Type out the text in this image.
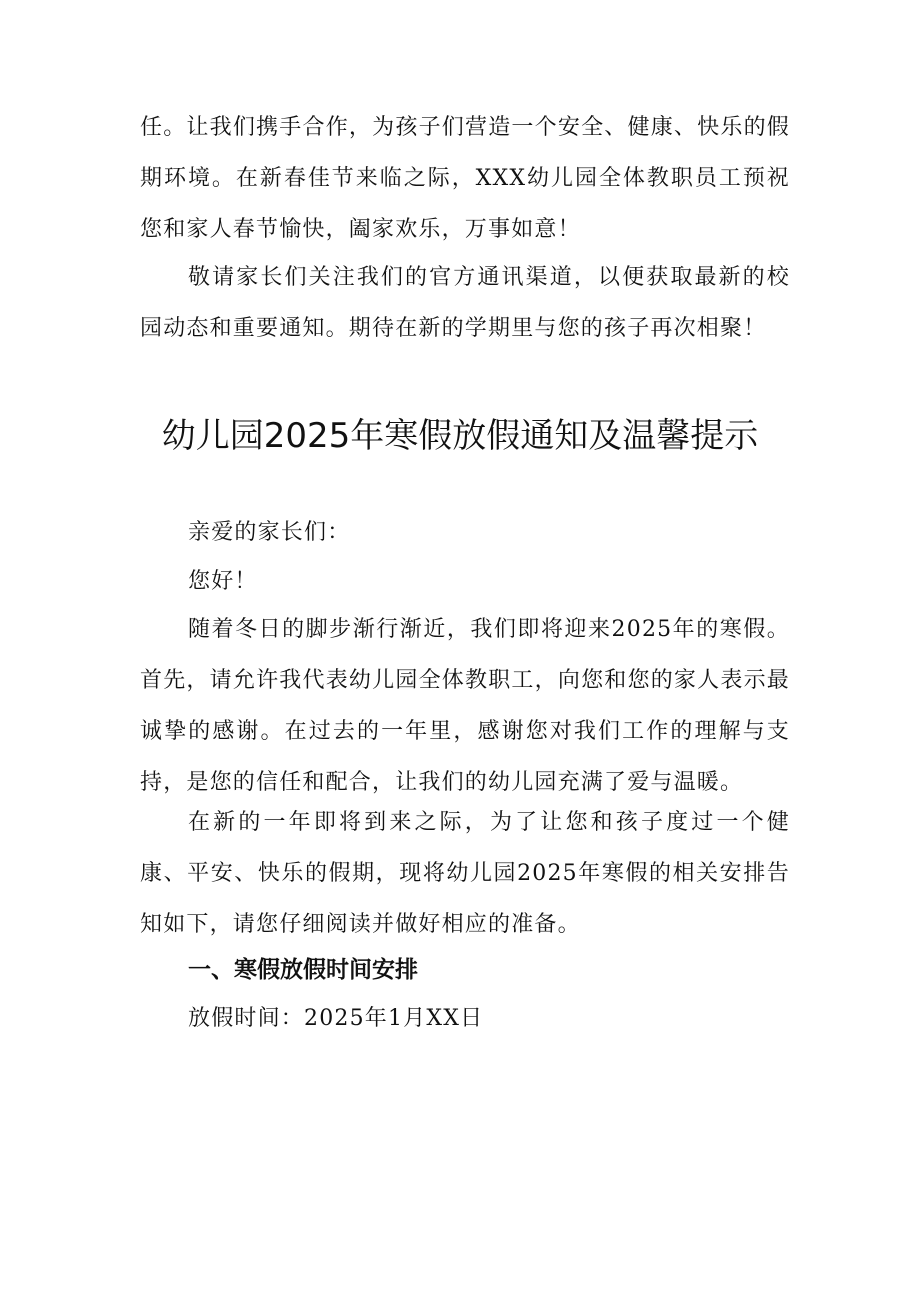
任。让我们携手合作，为孩子们营造一个安全、健康、快乐的假期环境。在新春佳节来临之际，XXX幼儿园全体教职员工预祝您和家人春节愉快，阖家欢乐，万事如意！

敬请家长们关注我们的官方通讯渠道，以便获取最新的校园动态和重要通知。期待在新的学期里与您的孩子再次相聚！

幼儿园2025年寒假放假通知及温馨提示

亲爱的家长们：

您好！

随着冬日的脚步渐行渐近，我们即将迎来2025年的寒假。首先，请允许我代表幼儿园全体教职工，向您和您的家人表示最诚挚的感谢。在过去的一年里，感谢您对我们工作的理解与支持，是您的信任和配合，让我们的幼儿园充满了爱与温暖。

在新的一年即将到来之际，为了让您和孩子度过一个健康、平安、快乐的假期，现将幼儿园2025年寒假的相关安排告知如下，请您仔细阅读并做好相应的准备。

一、寒假放假时间安排

放假时间：2025年1月XX日
